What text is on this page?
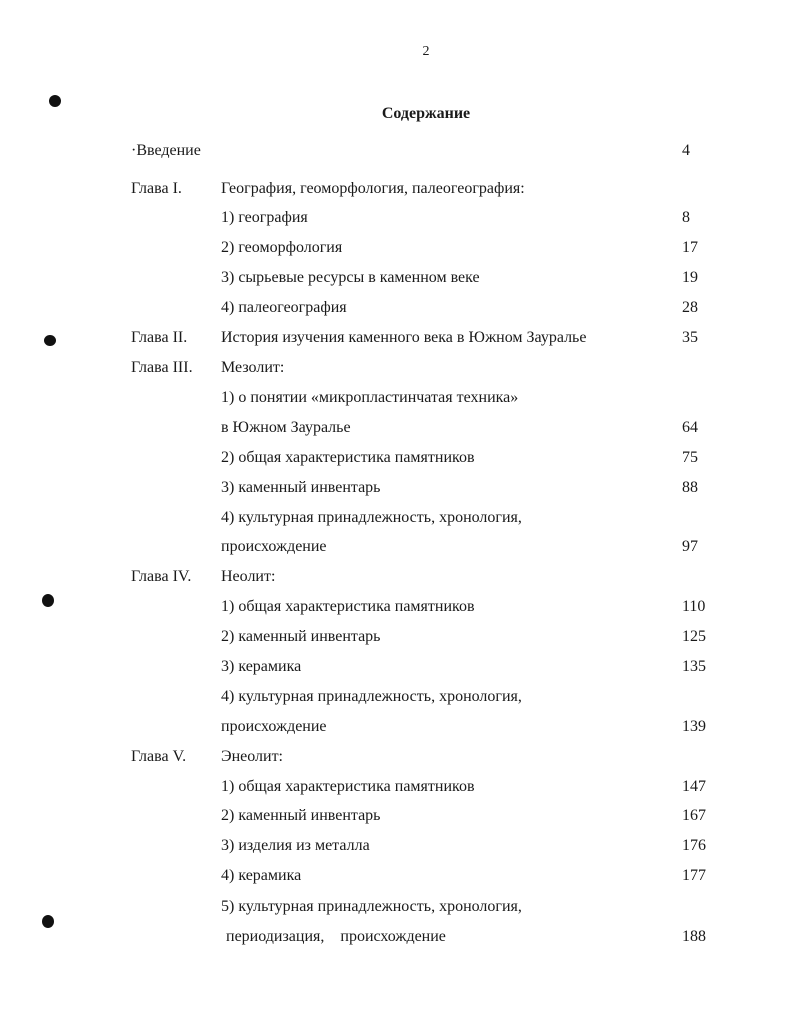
2
Содержание
·Введение	4
Глава I. География, геоморфология, палеогеография:
1) география	8
2) геоморфология	17
3) сырьевые ресурсы в каменном веке	19
4) палеогеография	28
Глава II. История изучения каменного века в Южном Зауралье	35
Глава III. Мезолит:
1) о понятии «микропластинчатая техника»
в Южном Зауралье	64
2) общая характеристика памятников	75
3) каменный инвентарь	88
4) культурная принадлежность, хронология,
происхождение	97
Глава IV. Неолит:
1) общая характеристика памятников	110
2) каменный инвентарь	125
3) керамика	135
4) культурная принадлежность, хронология,
происхождение	139
Глава V. Энеолит:
1) общая характеристика памятников	147
2) каменный инвентарь	167
3) изделия из металла	176
4) керамика	177
5) культурная принадлежность, хронология,
периодизация,    происхождение	188
